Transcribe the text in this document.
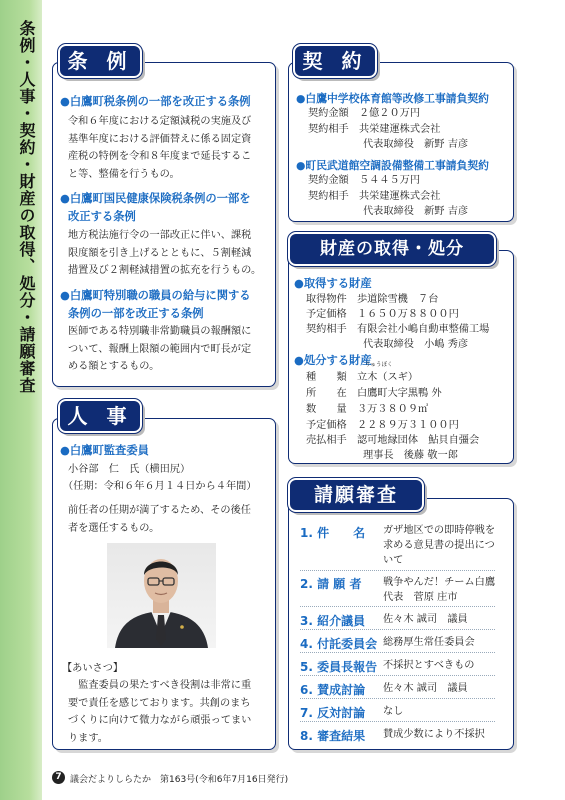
条例・人事・契約・財産の取得、処分・請願審査	条 例
●白鷹町税条例の一部を改正する条例
令和６年度における定額減税の実施及び
基準年度における評価替えに係る固定資
産税の特例を令和８年度まで延長するこ
と等、整備を行うもの。
●白鷹町国民健康保険税条例の一部を
改正する条例
地方税法施行令の一部改正に伴い、課税
限度額を引き上げるとともに、５割軽減
措置及び２割軽減措置の拡充を行うもの。
●白鷹町特別職の職員の給与に関する
条例の一部を改正する条例
医師である特別職非常勤職員の報酬額に
ついて、報酬上限額の範囲内で町長が定
める額とするもの。
人 事
●白鷹町監査委員
小谷部　仁　氏（横田尻）
（任期：令和６年６月１４日から４年間）
前任者の任期が満了するため、その後任
者を選任するもの。
【あいさつ】
　監査委員の果たすべき役割は非常に重
要で責任を感じております。共創のまち
づくりに向けて微力ながら頑張ってまい
ります。
契 約
●白鷹中学校体育館等改修工事請負契約
契約金額　 ２億２０万円
契約相手　 共栄建運株式会社
代表取締役　新野 吉彦
●町民武道館空調設備整備工事請負契約
契約金額　 ５４４５万円
契約相手　 共栄建運株式会社
代表取締役　新野 吉彦
財産の取得・処分
●取得する財産
取得物件　 歩道除雪機　７台
予定価格　 １６５０万８８００円
契約相手　 有限会社小嶋自動車整備工場
代表取締役　小嶋 秀彦
●処分する財産
りゅうぼく
種　　類　 立木（スギ）
所　　在　 白鷹町大字黒鴨 外
数　　量　 ３万３８０９㎥
予定価格　 ２２８９万３１００円
売払相手　 認可地縁団体　鮎貝自彊会
理事長　後藤 敬一郎
請願審査
1. 件　　名 ガザ地区での即時停戦を
求める意見書の提出につ
いて
2. 請 願 者 戦争やんだ！チーム白鷹
代表　菅原 庄市
3. 紹介議員 佐々木 誠司　議員
4. 付託委員会 総務厚生常任委員会
5. 委員長報告 不採択とすべきもの
6. 賛成討論 佐々木 誠司　議員
7. 反対討論 なし
8. 審査結果 賛成少数により不採択
7 議会だよりしらたか　第163号(令和6年7月16日発行)
